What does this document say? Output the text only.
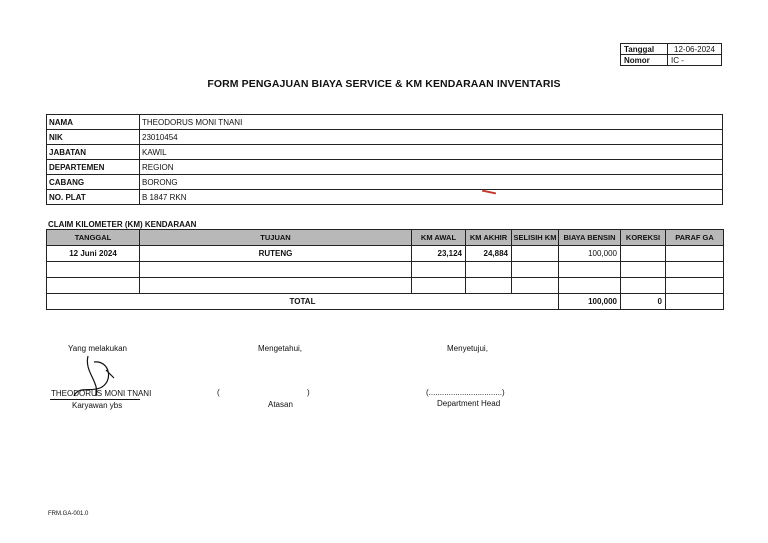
Tanggal	12-06-2024
Nomor	IC -
FORM PENGAJUAN BIAYA SERVICE & KM KENDARAAN INVENTARIS
NAMA	THEODORUS MONI TNANI
NIK	23010454
JABATAN	KAWIL
DEPARTEMEN	REGION
CABANG	BORONG
NO. PLAT	B 1847 RKN
CLAIM KILOMETER (KM) KENDARAAN
TANGGAL	TUJUAN	KM AWAL	KM AKHIR	SELISIH KM	BIAYA BENSIN	KOREKSI	PARAF GA
12 Juni 2024	RUTENG	23,124	24,884		100,000		

TOTAL					100,000	0	
Yang melakukan
THEODORUS MONI TNANI
Karyawan ybs
Mengetahui,
(	)
Atasan
Menyetujui,
(.................................)
Department Head
FRM.GA-001.0
